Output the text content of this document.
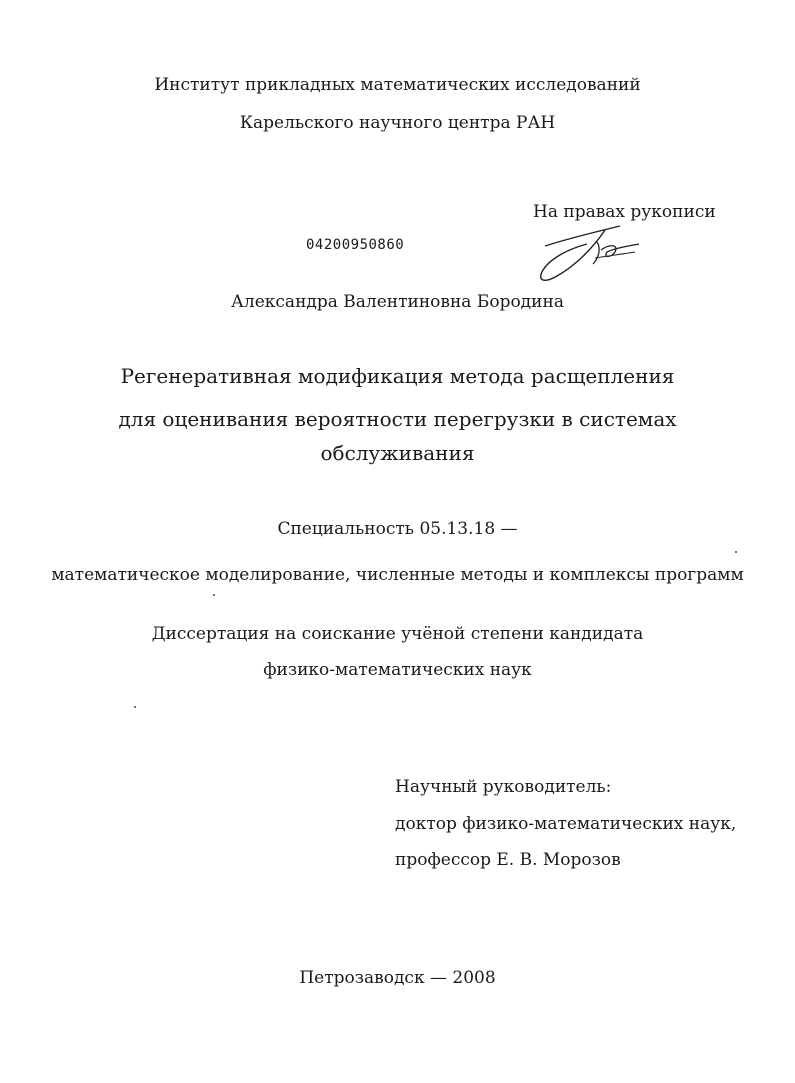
Институт прикладных математических исследований
Карельского научного центра РАН
На правах рукописи
04200950860
Александра Валентиновна Бородина
Регенеративная модификация метода расщепления
для оценивания вероятности перегрузки в системах
обслуживания
Специальность 05.13.18 —
математическое моделирование, численные методы и комплексы программ
Диссертация на соискание учёной степени кандидата
физико-математических наук
Научный руководитель:
доктор физико-математических наук,
профессор Е. В. Морозов
Петрозаводск — 2008
